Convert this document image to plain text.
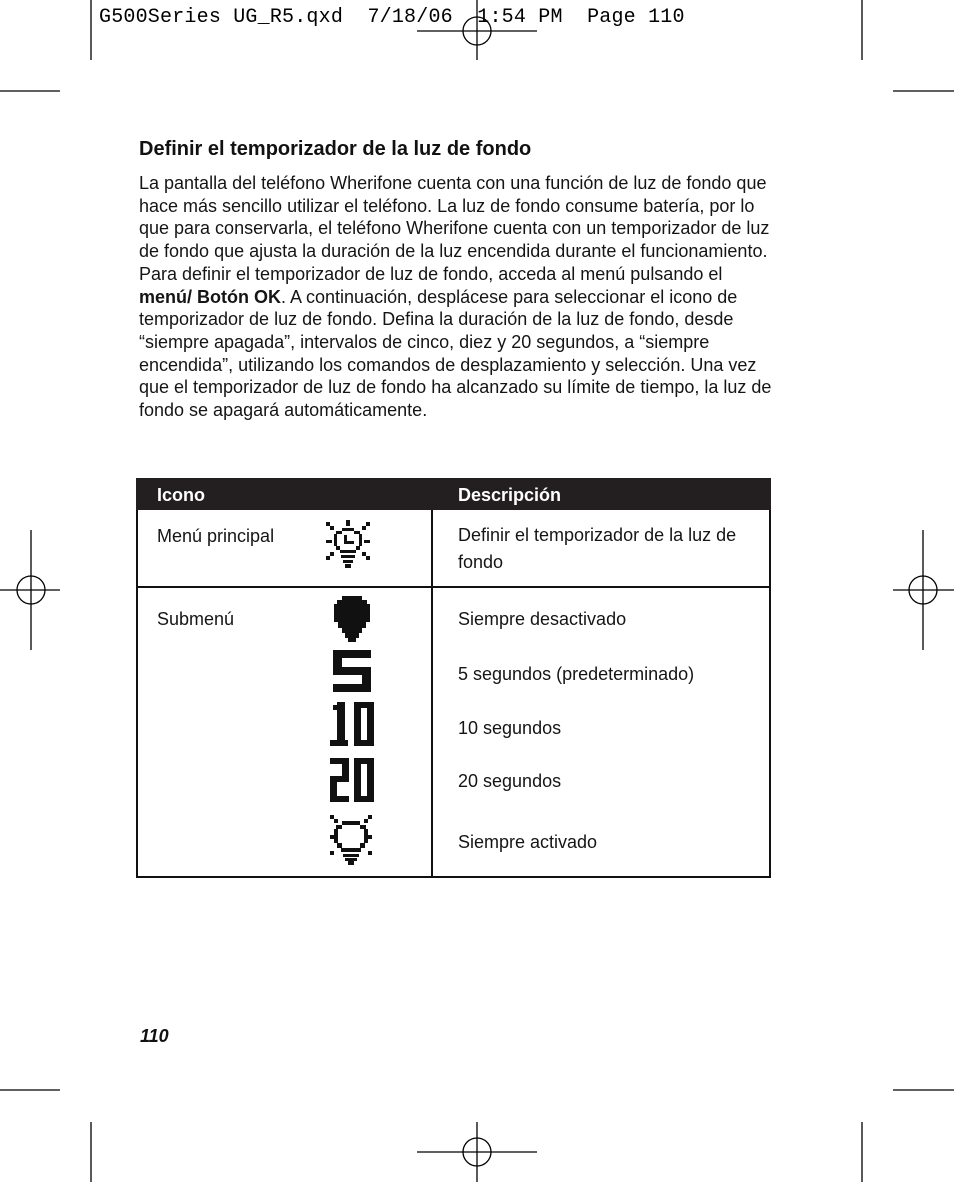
G500Series UG_R5.qxd  7/18/06  1:54 PM  Page 110
Definir el temporizador de la luz de fondo

La pantalla del teléfono Wherifone cuenta con una función de luz de fondo que hace más sencillo utilizar el teléfono. La luz de fondo consume batería, por lo que para conservarla, el teléfono Wherifone cuenta con un temporizador de luz de fondo que ajusta la duración de la luz encendida durante el funcionamiento. Para definir el temporizador de luz de fondo, acceda al menú pulsando el menú/ Botón OK. A continuación, desplácese para seleccionar el icono de temporizador de luz de fondo. Defina la duración de la luz de fondo, desde “siempre apagada”, intervalos de cinco, diez y 20 segundos, a “siempre encendida”, utilizando los comandos de desplazamiento y selección. Una vez que el temporizador de luz de fondo ha alcanzado su límite de tiempo, la luz de fondo se apagará automáticamente.

Icono	Descripción
Menú principal	Definir el temporizador de la luz de fondo
Submenú	Siempre desactivado
5 segundos (predeterminado)
10 segundos
20 segundos
Siempre activado
110
